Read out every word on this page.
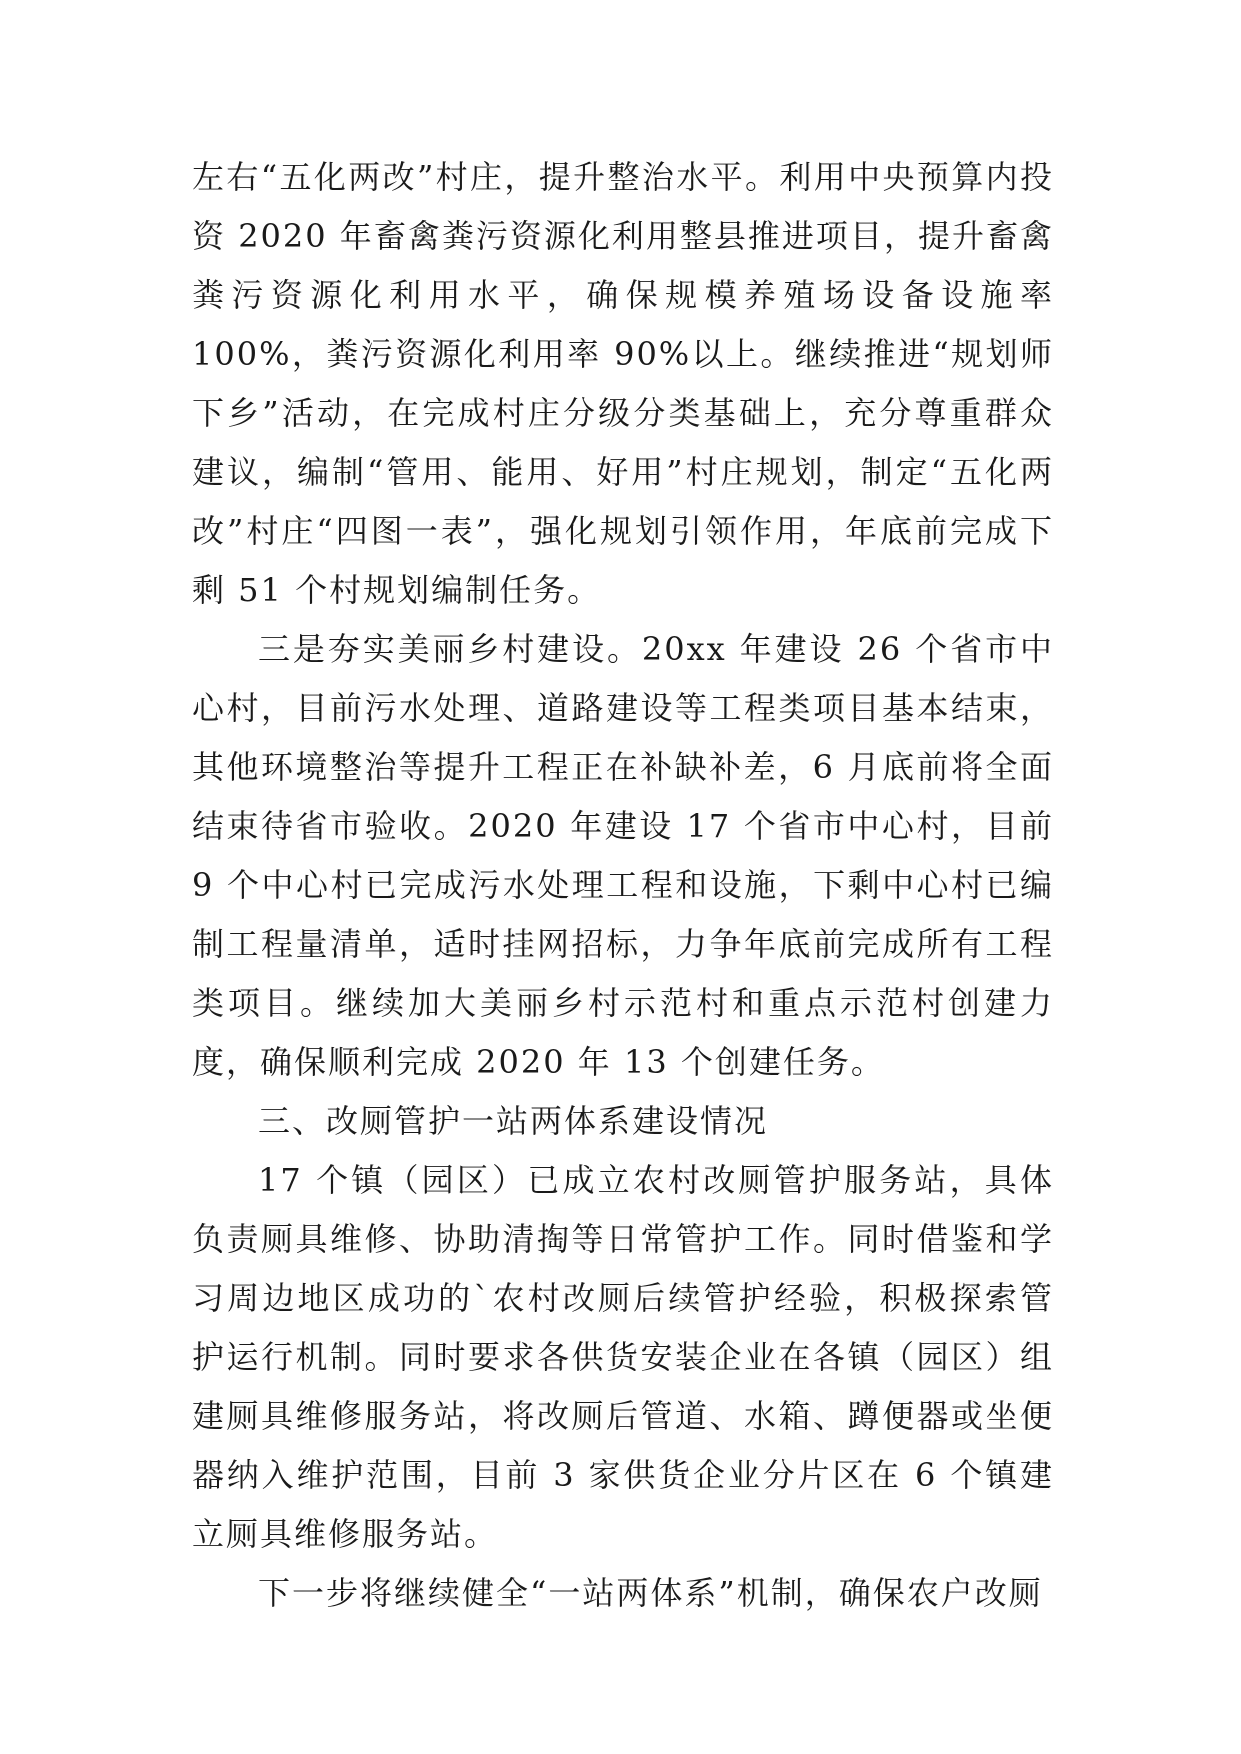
左右“五化两改”村庄，提升整治水平。利用中央预算内投资 2020 年畜禽粪污资源化利用整县推进项目，提升畜禽粪污资源化利用水平，确保规模养殖场设备设施率 100%，粪污资源化利用率 90%以上。继续推进“规划师下乡”活动，在完成村庄分级分类基础上，充分尊重群众建议，编制“管用、能用、好用”村庄规划，制定“五化两改”村庄“四图一表”，强化规划引领作用，年底前完成下剩 51 个村规划编制任务。

三是夯实美丽乡村建设。20xx 年建设 26 个省市中心村，目前污水处理、道路建设等工程类项目基本结束，其他环境整治等提升工程正在补缺补差，6 月底前将全面结束待省市验收。2020 年建设 17 个省市中心村，目前 9 个中心村已完成污水处理工程和设施，下剩中心村已编制工程量清单，适时挂网招标，力争年底前完成所有工程类项目。继续加大美丽乡村示范村和重点示范村创建力度，确保顺利完成 2020 年 13 个创建任务。

三、改厕管护一站两体系建设情况

17 个镇（园区）已成立农村改厕管护服务站，具体负责厕具维修、协助清掏等日常管护工作。同时借鉴和学习周边地区成功的`农村改厕后续管护经验，积极探索管护运行机制。同时要求各供货安装企业在各镇（园区）组建厕具维修服务站，将改厕后管道、水箱、蹲便器或坐便器纳入维护范围，目前 3 家供货企业分片区在 6 个镇建立厕具维修服务站。

下一步将继续健全“一站两体系”机制，确保农户改厕
